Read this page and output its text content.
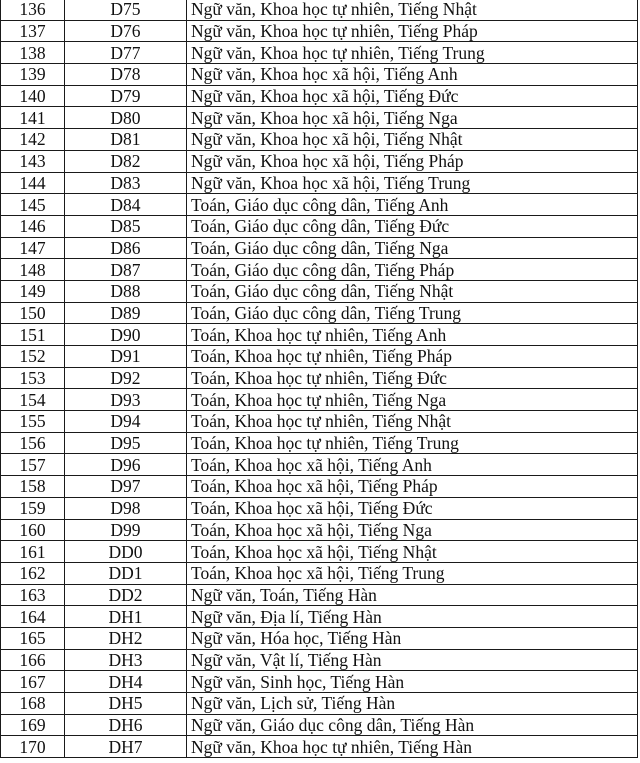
136	D75	Ngữ văn, Khoa học tự nhiên, Tiếng Nhật
137	D76	Ngữ văn, Khoa học tự nhiên, Tiếng Pháp
138	D77	Ngữ văn, Khoa học tự nhiên, Tiếng Trung
139	D78	Ngữ văn, Khoa học xã hội, Tiếng Anh
140	D79	Ngữ văn, Khoa học xã hội, Tiếng Đức
141	D80	Ngữ văn, Khoa học xã hội, Tiếng Nga
142	D81	Ngữ văn, Khoa học xã hội, Tiếng Nhật
143	D82	Ngữ văn, Khoa học xã hội, Tiếng Pháp
144	D83	Ngữ văn, Khoa học xã hội, Tiếng Trung
145	D84	Toán, Giáo dục công dân, Tiếng Anh
146	D85	Toán, Giáo dục công dân, Tiếng Đức
147	D86	Toán, Giáo dục công dân, Tiếng Nga
148	D87	Toán, Giáo dục công dân, Tiếng Pháp
149	D88	Toán, Giáo dục công dân, Tiếng Nhật
150	D89	Toán, Giáo dục công dân, Tiếng Trung
151	D90	Toán, Khoa học tự nhiên, Tiếng Anh
152	D91	Toán, Khoa học tự nhiên, Tiếng Pháp
153	D92	Toán, Khoa học tự nhiên, Tiếng Đức
154	D93	Toán, Khoa học tự nhiên, Tiếng Nga
155	D94	Toán, Khoa học tự nhiên, Tiếng Nhật
156	D95	Toán, Khoa học tự nhiên, Tiếng Trung
157	D96	Toán, Khoa học xã hội, Tiếng Anh
158	D97	Toán, Khoa học xã hội, Tiếng Pháp
159	D98	Toán, Khoa học xã hội, Tiếng Đức
160	D99	Toán, Khoa học xã hội, Tiếng Nga
161	DD0	Toán, Khoa học xã hội, Tiếng Nhật
162	DD1	Toán, Khoa học xã hội, Tiếng Trung
163	DD2	Ngữ văn, Toán, Tiếng Hàn
164	DH1	Ngữ văn, Địa lí, Tiếng Hàn
165	DH2	Ngữ văn, Hóa học, Tiếng Hàn
166	DH3	Ngữ văn, Vật lí, Tiếng Hàn
167	DH4	Ngữ văn, Sinh học, Tiếng Hàn
168	DH5	Ngữ văn, Lịch sử, Tiếng Hàn
169	DH6	Ngữ văn, Giáo dục công dân, Tiếng Hàn
170	DH7	Ngữ văn, Khoa học tự nhiên, Tiếng Hàn
